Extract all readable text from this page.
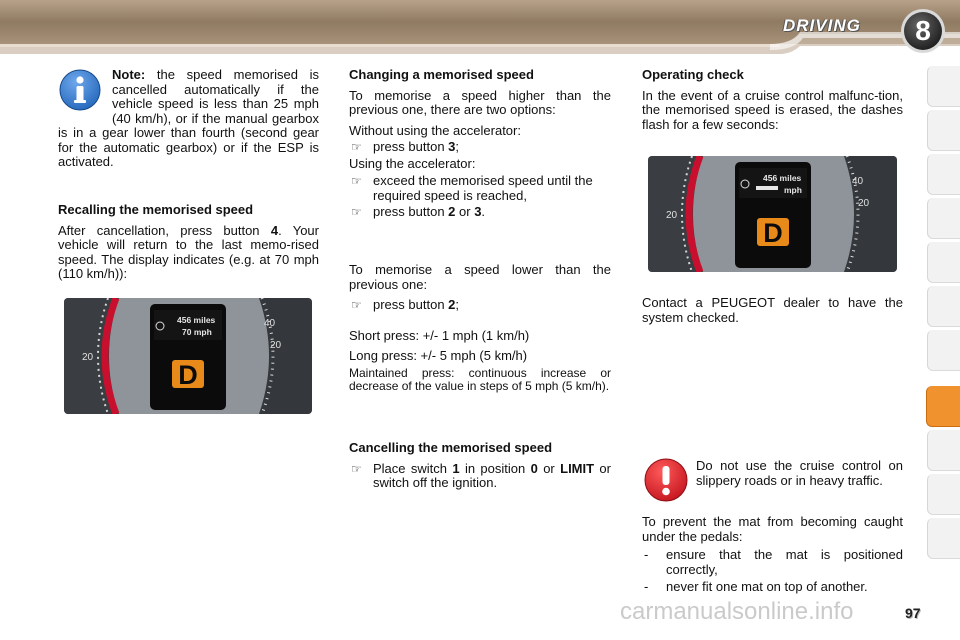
DRIVING	8

Note: the speed memorised is cancelled automatically if the vehicle speed is less than 25 mph (40 km/h), or if the manual gearbox is in a gear lower than fourth (second gear for the automatic gearbox) or if the ESP is activated.

Recalling the memorised speed

After cancellation, press button 4. Your vehicle will return to the last memo-rised speed. The display indicates (e.g. at 70 mph (110 km/h)):

40
20
20
456 miles
70 mph
D

Changing a memorised speed

To memorise a speed higher than the previous one, there are two options:

Without using the accelerator:

☞ press button 3;

Using the accelerator:

☞ exceed the memorised speed until the required speed is reached,
☞ press button 2 or 3.

To memorise a speed lower than the previous one:

☞ press button 2;

Short press: +/- 1 mph (1 km/h)

Long press: +/- 5 mph (5 km/h)

Maintained press: continuous increase or decrease of the value in steps of 5 mph (5 km/h).

Cancelling the memorised speed

☞ Place switch 1 in position 0 or LIMIT or switch off the ignition.

Operating check

In the event of a cruise control malfunc-tion, the memorised speed is erased, the dashes flash for a few seconds:

40
20
20
456 miles
mph
D

Contact a PEUGEOT dealer to have the system checked.

Do not use the cruise control on slippery roads or in heavy traffic.

To prevent the mat from becoming caught under the pedals:

- ensure that the mat is positioned correctly,
- never fit one mat on top of another.
carmanualsonline.info	97
